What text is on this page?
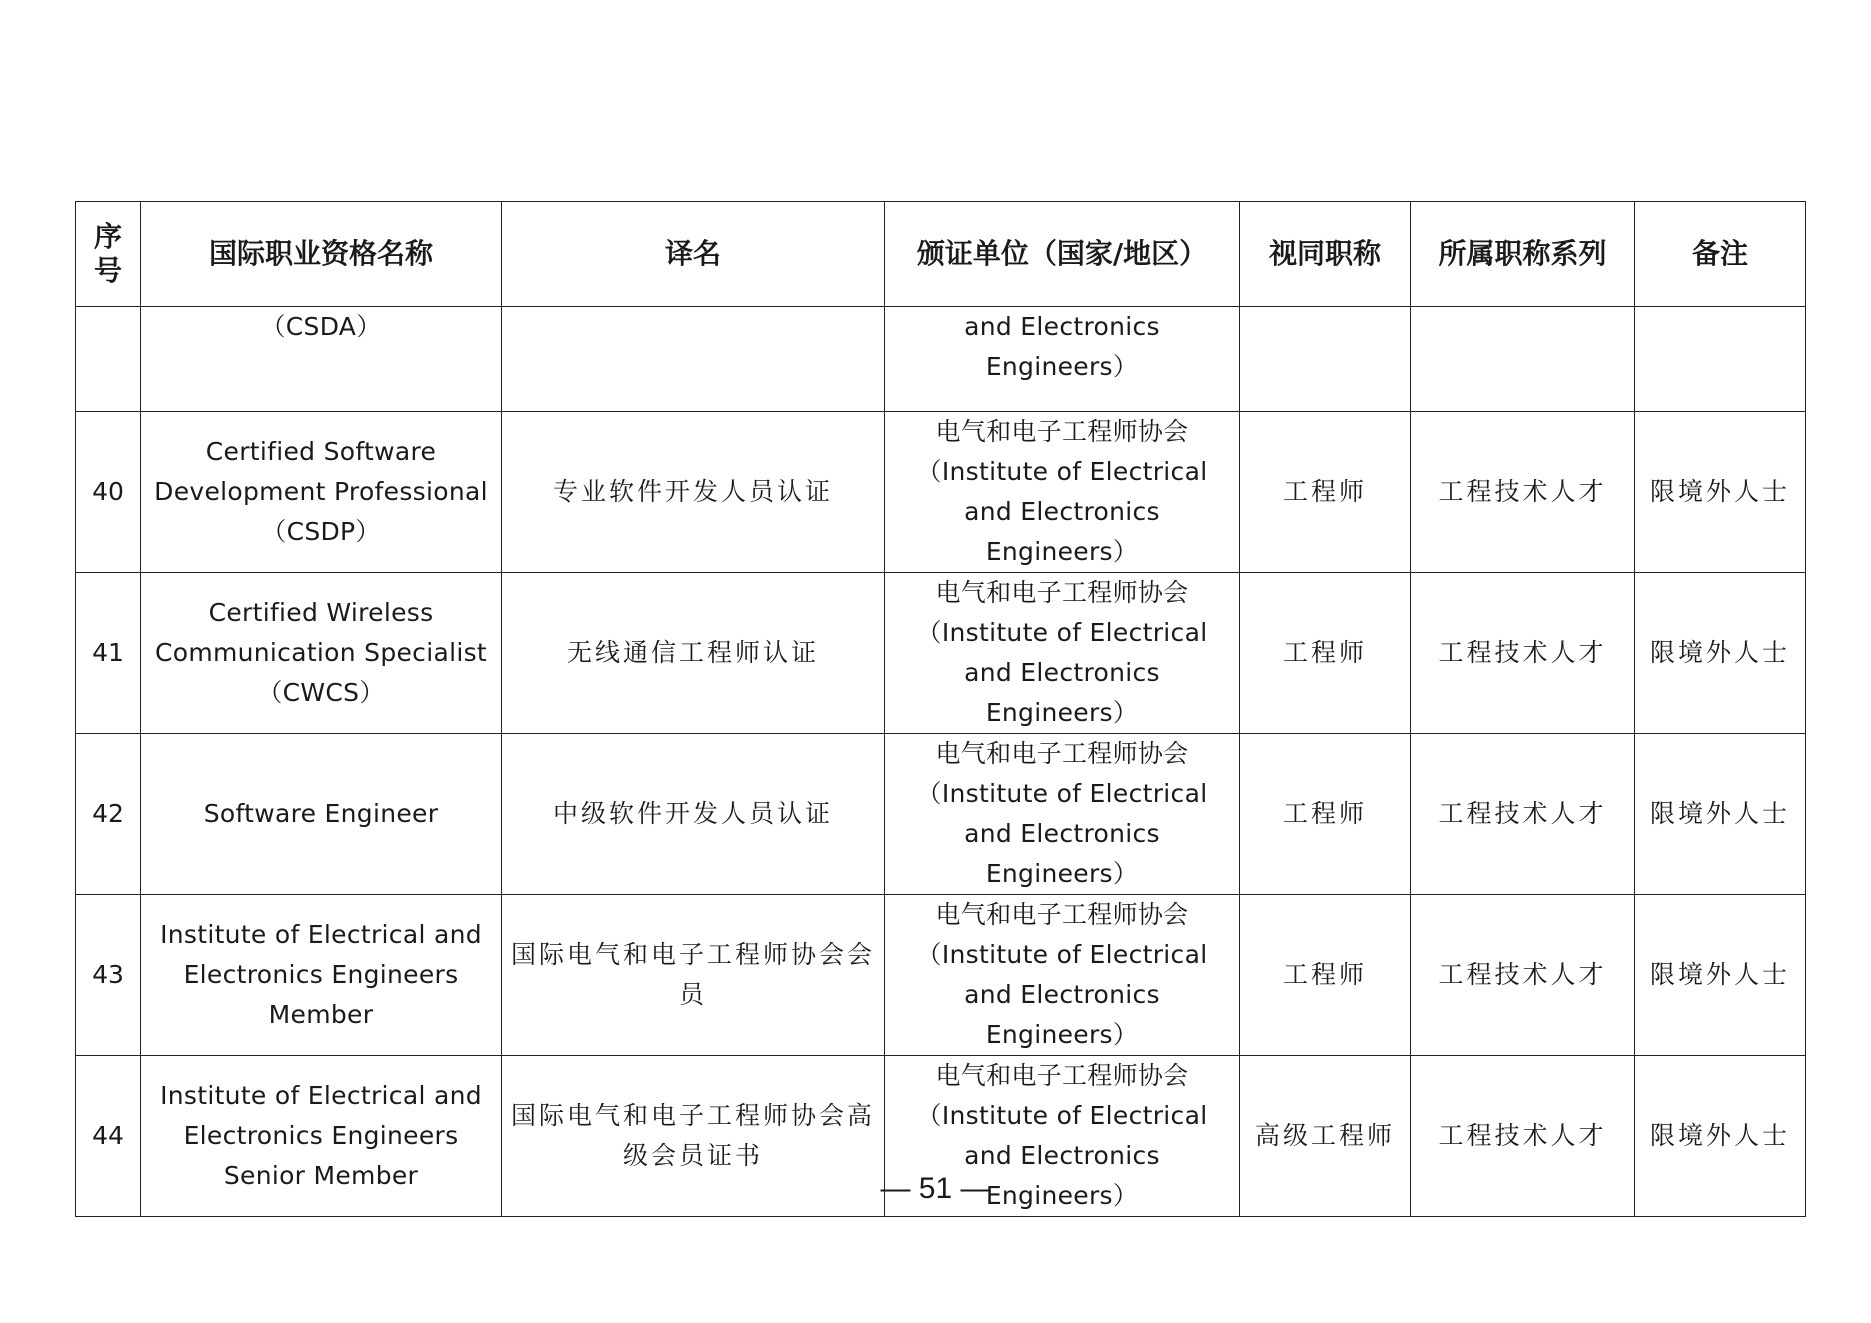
序
号	国际职业资格名称	译名	颁证单位（国家/地区）	视同职称	所属职称系列	备注
	（CSDA）		and Electronics Engineers）			
40	Certified Software
Development Professional
（CSDP）	专业软件开发人员认证	电气和电子工程师协会
（Institute of Electrical
and Electronics Engineers）	工程师	工程技术人才	限境外人士
41	Certified Wireless
Communication Specialist
（CWCS）	无线通信工程师认证	电气和电子工程师协会
（Institute of Electrical
and Electronics Engineers）	工程师	工程技术人才	限境外人士
42	Software Engineer	中级软件开发人员认证	电气和电子工程师协会
（Institute of Electrical
and Electronics Engineers）	工程师	工程技术人才	限境外人士
43	Institute of Electrical and
Electronics Engineers
Member	国际电气和电子工程师协会会
员	电气和电子工程师协会
（Institute of Electrical
and Electronics Engineers）	工程师	工程技术人才	限境外人士
44	Institute of Electrical and
Electronics Engineers
Senior Member	国际电气和电子工程师协会高
级会员证书	电气和电子工程师协会
（Institute of Electrical
and Electronics Engineers）	高级工程师	工程技术人才	限境外人士
— 51 —
